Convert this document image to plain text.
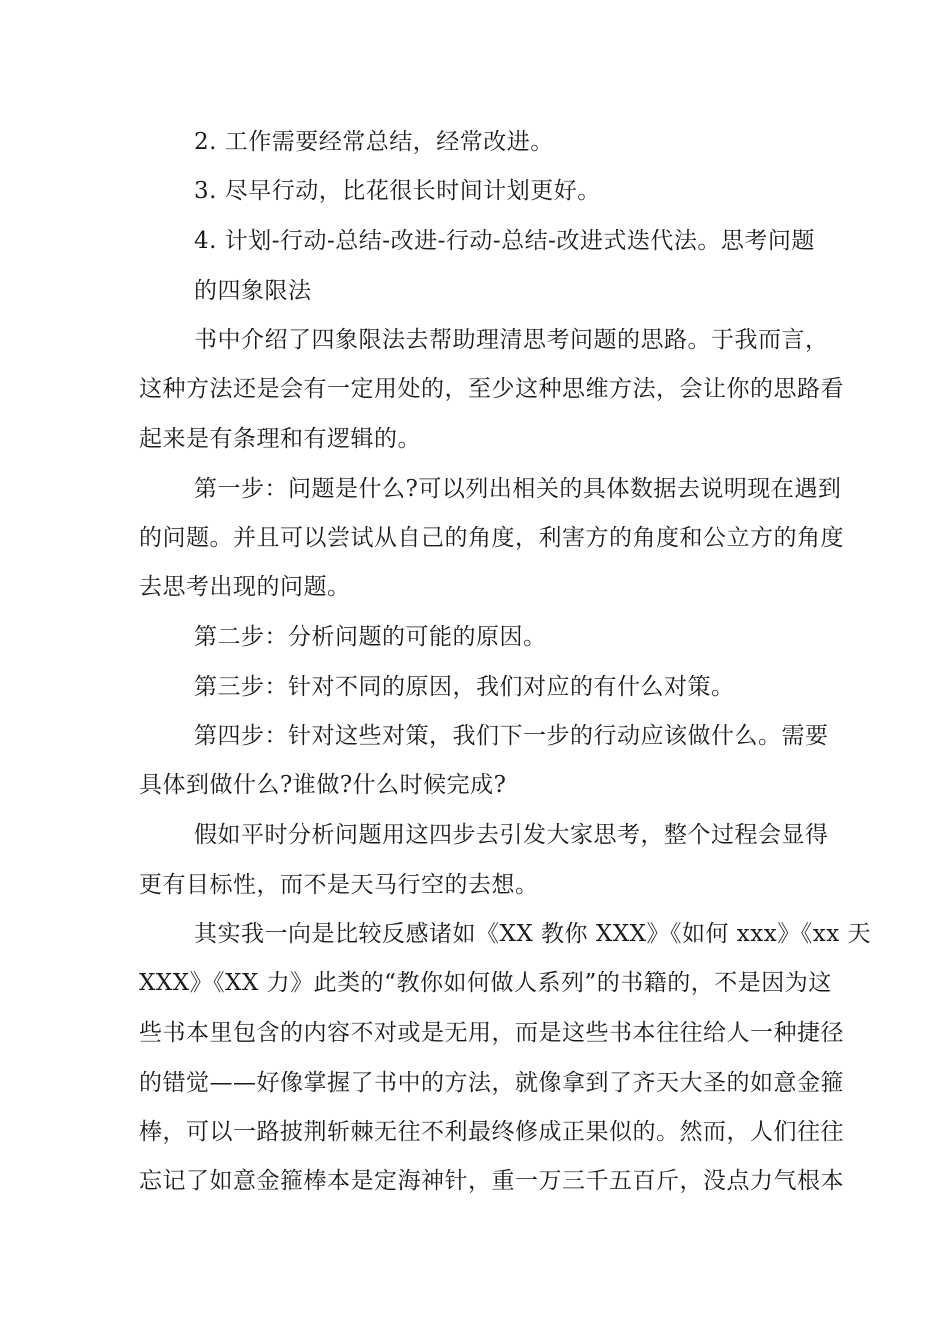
2. 工作需要经常总结，经常改进。
3. 尽早行动，比花很长时间计划更好。
4. 计划-行动-总结-改进-行动-总结-改进式迭代法。思考问题
的四象限法
书中介绍了四象限法去帮助理清思考问题的思路。于我而言，
这种方法还是会有一定用处的，至少这种思维方法，会让你的思路看
起来是有条理和有逻辑的。
第一步：问题是什么?可以列出相关的具体数据去说明现在遇到
的问题。并且可以尝试从自己的角度，利害方的角度和公立方的角度
去思考出现的问题。
第二步：分析问题的可能的原因。
第三步：针对不同的原因，我们对应的有什么对策。
第四步：针对这些对策，我们下一步的行动应该做什么。需要
具体到做什么?谁做?什么时候完成?
假如平时分析问题用这四步去引发大家思考，整个过程会显得
更有目标性，而不是天马行空的去想。
其实我一向是比较反感诸如《XX 教你 XXX》《如何 xxx》《xx 天
XXX》《XX 力》此类的“教你如何做人系列”的书籍的，不是因为这
些书本里包含的内容不对或是无用，而是这些书本往往给人一种捷径
的错觉——好像掌握了书中的方法，就像拿到了齐天大圣的如意金箍
棒，可以一路披荆斩棘无往不利最终修成正果似的。然而，人们往往
忘记了如意金箍棒本是定海神针，重一万三千五百斤，没点力气根本
